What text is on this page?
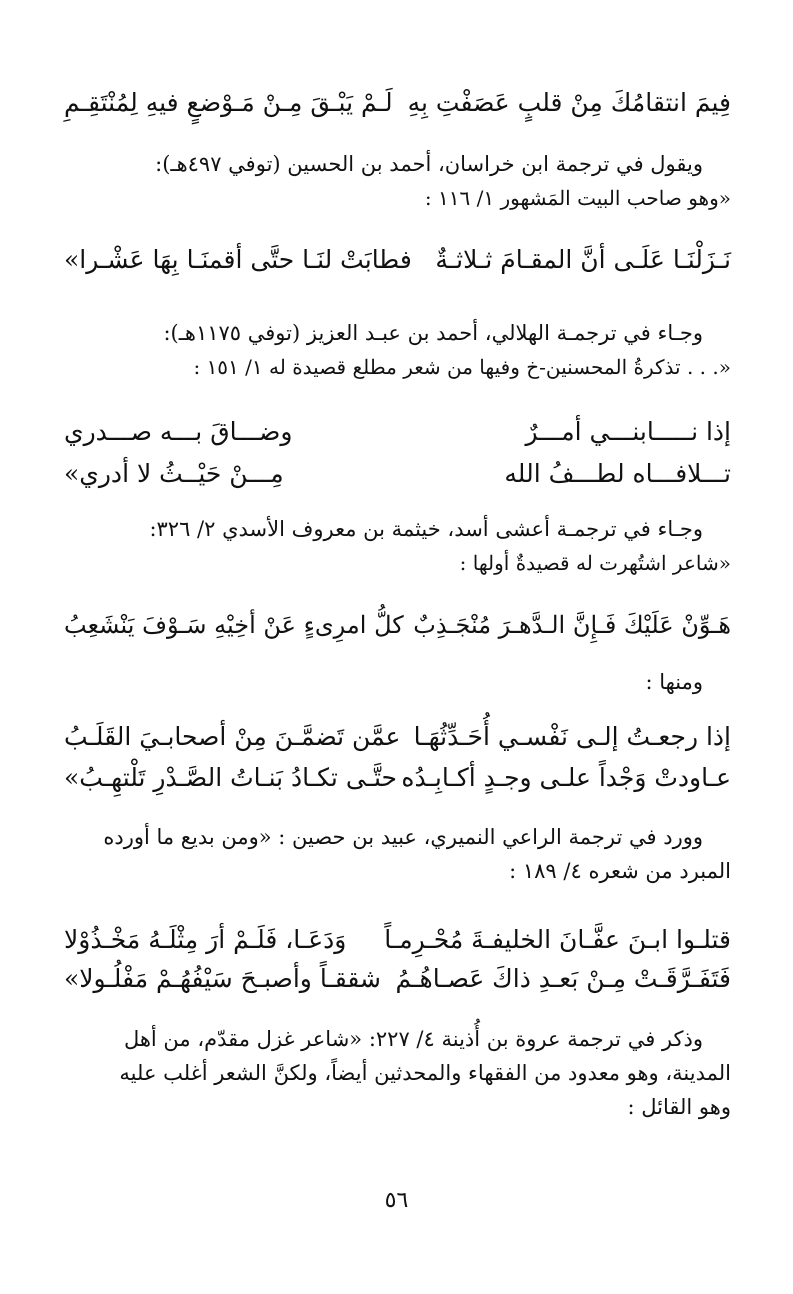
فِيمَ انتقامُكَ مِنْ قلبٍ عَصَفْتِ بِهِ
لَـمْ يَبْـقَ مِـنْ مَـوْضعٍ فيهِ لِمُنْتَقِـمِ
ويقول في ترجمة ابن خراسان، أحمد بن الحسين (توفي ٤٩٧هـ):
«وهو صاحب البيت المَشهور ١/ ١١٦ :
نَـزَلْنَـا عَلَـى أنَّ المقـامَ ثـلاثـةٌ
فطابَتْ لنَـا حتَّى أقمنَـا بِهَا عَشْـرا»
وجـاء في ترجمـة الهلالي، أحمد بن عبـد العزيز (توفي ١١٧٥هـ):
«. . . تذكرةُ المحسنين-خ وفيها من شعر مطلع قصيدة له ١/ ١٥١ :
إذا نـــــابنـــي أمـــرٌ
وضـــاقَ بـــه صـــدري
تـــلافـــاه لطـــفُ الله
مِـــنْ حَيْــثُ لا أدري»
وجـاء في ترجمـة أعشى أسد، خيثمة بن معروف الأسدي ٢/ ٣٢٦:
«شاعر اشتُهرت له قصيدةٌ أولها :
هَـوِّنْ عَلَيْكَ فَـإِنَّ الـدَّهـرَ مُنْجَـذِبٌ
كلُّ امرِىءٍ عَنْ أخِيْهِ سَـوْفَ يَنْشَعِبُ
ومنها :
إذا رجعـتُ إلـى نَفْسـي أُحَـدِّثُهَـا
عمَّن تَضمَّـنَ مِنْ أصحابـيَ القَلَـبُ
عـاودتْ وَجْداً علـى وجـدٍ أكـابِـدُه
حتَّـى تكـادُ بَنـاتُ الصَّـدْرِ تَلْتهِـبُ»
وورد في ترجمة الراعي النميري، عبيد بن حصين : «ومن بديع ما أورده
المبرد من شعره ٤/ ١٨٩ :
قتلـوا ابـنَ عفَّـانَ الخليفـةَ مُحْـرِمـاً
وَدَعَـا، فَلَـمْ أرَ مِثْلَـهُ مَخْـذُوْلا
فَتَفَـرَّقَـتْ مِـنْ بَعـدِ ذاكَ عَصـاهُـمُ
شققـاً وأصبـحَ سَيْفُهُـمْ مَفْلُـولا»
وذكر في ترجمة عروة بن أُذينة ٤/ ٢٢٧: «شاعر غزل مقدّم، من أهل
المدينة، وهو معدود من الفقهاء والمحدثين أيضاً، ولكنَّ الشعر أغلب عليه
وهو القائل :
٥٦
